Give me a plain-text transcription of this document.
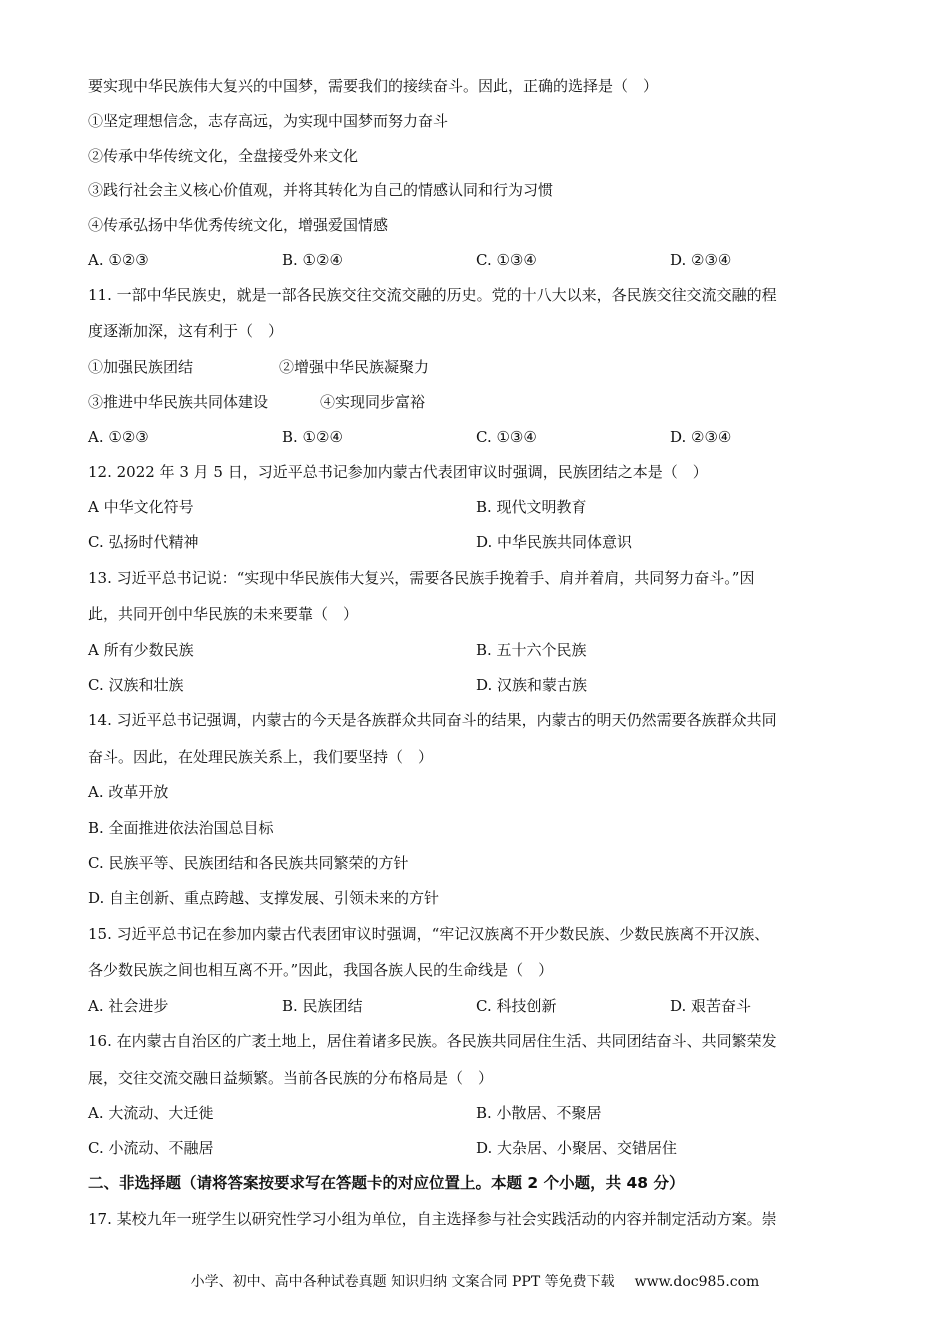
要实现中华民族伟大复兴的中国梦，需要我们的接续奋斗。因此，正确的选择是（　）
①坚定理想信念，志存高远，为实现中国梦而努力奋斗
②传承中华传统文化，全盘接受外来文化
③践行社会主义核心价值观，并将其转化为自己的情感认同和行为习惯
④传承弘扬中华优秀传统文化，增强爱国情感
A. ①②③	B. ①②④	C. ①③④	D. ②③④
11. 一部中华民族史，就是一部各民族交往交流交融的历史。党的十八大以来，各民族交往交流交融的程
度逐渐加深，这有利于（　）
①加强民族团结	②增强中华民族凝聚力
③推进中华民族共同体建设	④实现同步富裕
A. ①②③	B. ①②④	C. ①③④	D. ②③④
12. 2022 年 3 月 5 日，习近平总书记参加内蒙古代表团审议时强调，民族团结之本是（　）
A 中华文化符号	B. 现代文明教育
C. 弘扬时代精神	D. 中华民族共同体意识
13. 习近平总书记说：“实现中华民族伟大复兴，需要各民族手挽着手、肩并着肩，共同努力奋斗。”因
此，共同开创中华民族的未来要靠（　）
A 所有少数民族	B. 五十六个民族
C. 汉族和壮族	D. 汉族和蒙古族
14. 习近平总书记强调，内蒙古的今天是各族群众共同奋斗的结果，内蒙古的明天仍然需要各族群众共同
奋斗。因此，在处理民族关系上，我们要坚持（　）
A. 改革开放
B. 全面推进依法治国总目标
C. 民族平等、民族团结和各民族共同繁荣的方针
D. 自主创新、重点跨越、支撑发展、引领未来的方针
15. 习近平总书记在参加内蒙古代表团审议时强调，“牢记汉族离不开少数民族、少数民族离不开汉族、
各少数民族之间也相互离不开。”因此，我国各族人民的生命线是（　）
A. 社会进步	B. 民族团结	C. 科技创新	D. 艰苦奋斗
16. 在内蒙古自治区的广袤土地上，居住着诸多民族。各民族共同居住生活、共同团结奋斗、共同繁荣发
展，交往交流交融日益频繁。当前各民族的分布格局是（　）
A. 大流动、大迁徙	B. 小散居、不聚居
C. 小流动、不融居	D. 大杂居、小聚居、交错居住
二、非选择题（请将答案按要求写在答题卡的对应位置上。本题 2 个小题，共 48 分）
17. 某校九年一班学生以研究性学习小组为单位，自主选择参与社会实践活动的内容并制定活动方案。崇
小学、初中、高中各种试卷真题 知识归纳 文案合同 PPT 等免费下载 www.doc985.com
